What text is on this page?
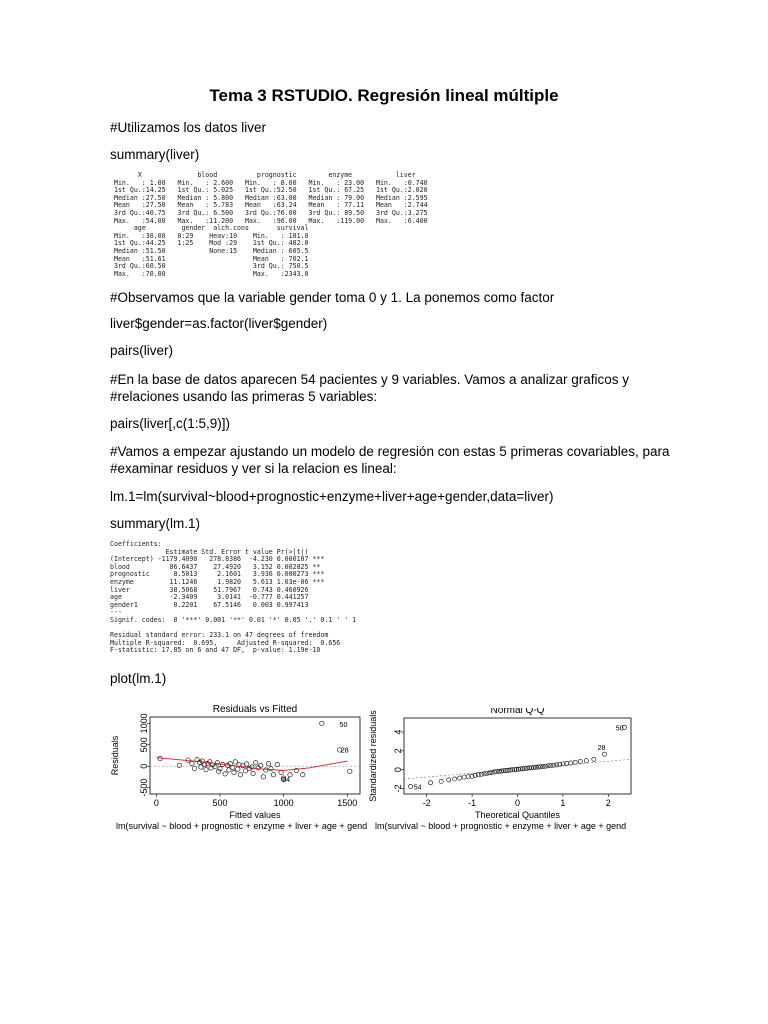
Tema 3 RSTUDIO. Regresión lineal múltiple
#Utilizamos los datos liver
summary(liver)
X              blood          prognostic        enzyme           liver
Min.   : 1.00   Min.   : 2.600   Min.   : 8.00   Min.   : 23.00   Min.   :0.740
1st Qu.:14.25   1st Qu.: 5.025   1st Qu.:52.50   1st Qu.: 67.25   1st Qu.:2.020
Median :27.50   Median : 5.800   Median :63.00   Median : 79.00   Median :2.595
Mean   :27.50   Mean   : 5.783   Mean   :63.24   Mean   : 77.11   Mean   :2.744
3rd Qu.:40.75   3rd Qu.: 6.500   3rd Qu.:76.00   3rd Qu.: 89.50   3rd Qu.:3.275
Max.   :54.00   Max.   :11.200   Max.   :96.00   Max.   :119.00   Max.   :6.400
age         gender  alch.cons       survival
Min.   :30.00   0:29    Heav:10    Min.   : 181.0
1st Qu.:44.25   1:25    Mod :29    1st Qu.: 482.0
Median :51.50           None:15    Median : 605.5
Mean   :51.61                      Mean   : 702.1
3rd Qu.:60.50                      3rd Qu.: 750.5
Max.   :70.00                      Max.   :2343.0

#Observamos que la variable gender toma 0 y 1. La ponemos como factor
liver$gender=as.factor(liver$gender)
pairs(liver)
#En la base de datos aparecen 54 pacientes y 9 variables. Vamos a analizar graficos y
#relaciones usando las primeras 5 variables:
pairs(liver[,c(1:5,9)])
#Vamos a empezar ajustando un modelo de regresión con estas 5 primeras covariables, para
#examinar residuos y ver si la relacion es lineal:
lm.1=lm(survival~blood+prognostic+enzyme+liver+age+gender,data=liver)
summary(lm.1)
Coefficients:
Estimate Std. Error t value Pr(>|t|)
(Intercept) -1179.4090   278.8386  -4.230 0.000107 ***
blood          86.6437    27.4920   3.152 0.002825 **
prognostic      8.5013     2.1601   3.936 0.000273 ***
enzyme         11.1246     1.9820   5.613 1.03e-06 ***
liver          38.5068    51.7967   0.743 0.460926
age            -2.3409     3.0141  -0.777 0.441257
gender1         0.2201    67.5146   0.003 0.997413
---
Signif. codes:  0 '***' 0.001 '**' 0.01 '*' 0.05 '.' 0.1 ' ' 1

Residual standard error: 233.1 on 47 degrees of freedom
Multiple R-squared:  0.695,	Adjusted R-squared:  0.656
F-statistic: 17.85 on 6 and 47 DF,  p-value: 1.19e-10

plot(lm.1)
Residuals vs Fitted
0	500	1000	1500
-500
0
500
1000
Fitted values
Residuals
lm(survival ~ blood + prognostic + enzyme + liver + age + gend
50
28
54
Normal Q-Q
-2	-1	0	1	2
-2
0
2
4
Theoretical Quantiles
Standardized residuals
lm(survival ~ blood + prognostic + enzyme + liver + age + gend
50
28
54
